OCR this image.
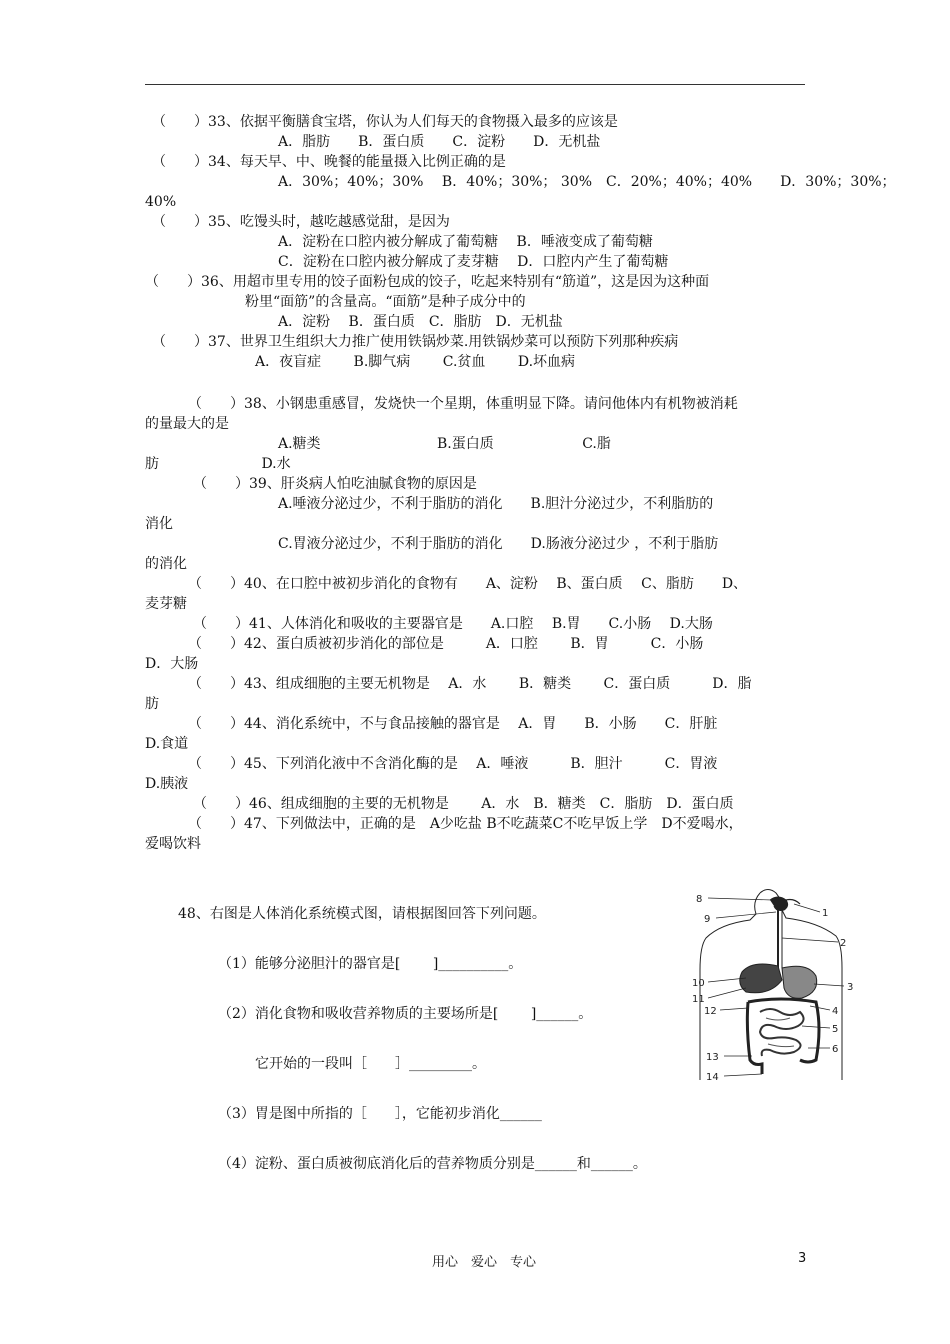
（　　）33、依据平衡膳食宝塔，你认为人们每天的食物摄入最多的应该是
A．脂肪　　B．蛋白质　　C．淀粉　　D．无机盐
（　　）34、每天早、中、晚餐的能量摄入比例正确的是
A．30%；40%；30%　 B．40%；30%； 30%　C．20%；40%；40%　　D．30%；30%；
40%
（　　）35、吃馒头时，越吃越感觉甜，是因为
A．淀粉在口腔内被分解成了葡萄糖　 B．唾液变成了葡萄糖
C．淀粉在口腔内被分解成了麦芽糖　 D．口腔内产生了葡萄糖
（　　）36、用超市里专用的饺子面粉包成的饺子，吃起来特别有“筋道”，这是因为这种面
粉里“面筋”的含量高。“面筋”是种子成分中的
A．淀粉　 B．蛋白质　C．脂肪　D．无机盐
（　　）37、世界卫生组织大力推广使用铁锅炒菜.用铁锅炒菜可以预防下列那种疾病
A．夜盲症　　 B.脚气病　　 C.贫血　　 D.坏血病
（　　）38、小钢患重感冒，发烧快一个星期，体重明显下降。请问他体内有机物被消耗
的量最大的是
A.糖类　　　　　　　　 B.蛋白质　　　　　　 C.脂
肪　　　　　　　 D.水
（　　）39、肝炎病人怕吃油腻食物的原因是
A.唾液分泌过少，不利于脂肪的消化　　B.胆汁分泌过少，不利脂肪的
消化
C.胃液分泌过少，不利于脂肪的消化　　D.肠液分泌过少 ，不利于脂肪
的消化
（　　）40、在口腔中被初步消化的食物有　　A、淀粉　 B、蛋白质　 C、脂肪　　D、
麦芽糖
（　　）41、人体消化和吸收的主要器官是　　A.口腔　 B.胃　　C.小肠　 D.大肠
（　　）42、蛋白质被初步消化的部位是　　　A．口腔　　 B．胃　　　C．小肠
D．大肠
（　　）43、组成细胞的主要无机物是　 A．水　　 B．糖类　　 C．蛋白质　　　D．脂
肪
（　　）44、消化系统中，不与食品接触的器官是　 A．胃　　B．小肠　　C．肝脏
D.食道
（　　）45、下列消化液中不含消化酶的是　 A．唾液　　　B．胆汁　　　C．胃液
D.胰液
（　　）46、组成细胞的主要的无机物是　　 A．水　B．糖类　C．脂肪　D．蛋白质
（　　）47、下列做法中，正确的是　A少吃盐 B不吃蔬菜C不吃早饭上学　D不爱喝水，
爱喝饮料
48、右图是人体消化系统模式图，请根据图回答下列问题。
（1）能够分泌胆汁的器官是[　　 ]__________。
（2）消化食物和吸收营养物质的主要场所是[　　 ]______。
它开始的一段叫［　　］_________。
（3）胃是图中所指的［　　］，它能初步消化______
（4）淀粉、蛋白质被彻底消化后的营养物质分别是______和______。
8
9
1
2
10
11
3
12	4
5
6
13
14
用心　爱心　专心	3
